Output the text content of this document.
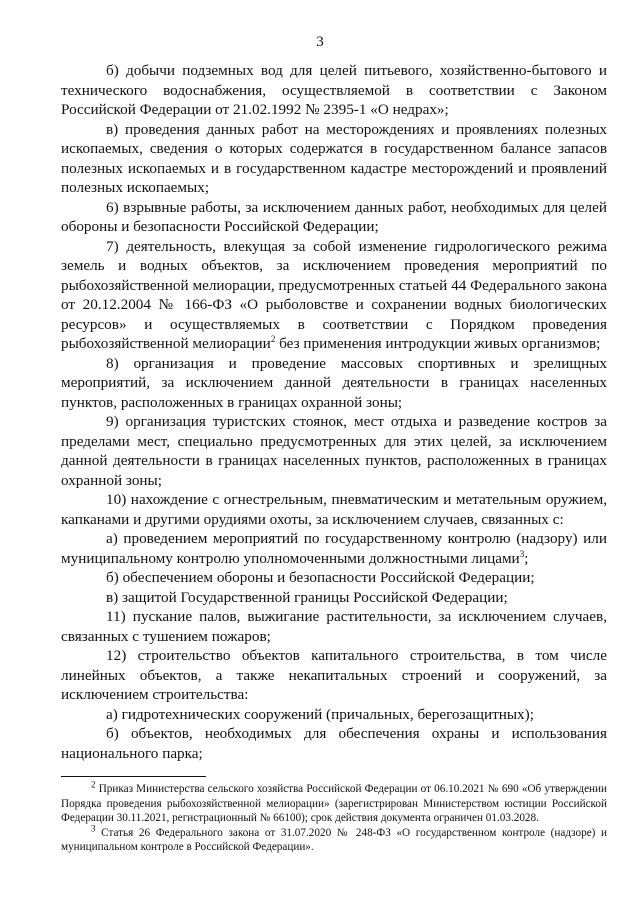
3

б) добычи подземных вод для целей питьевого, хозяйственно-бытового и технического водоснабжения, осуществляемой в соответствии с Законом Российской Федерации от 21.02.1992 № 2395-1 «О недрах»;

в) проведения данных работ на месторождениях и проявлениях полезных ископаемых, сведения о которых содержатся в государственном балансе запасов полезных ископаемых и в государственном кадастре месторождений и проявлений полезных ископаемых;

6) взрывные работы, за исключением данных работ, необходимых для целей обороны и безопасности Российской Федерации;

7) деятельность, влекущая за собой изменение гидрологического режима земель и водных объектов, за исключением проведения мероприятий по рыбохозяйственной мелиорации, предусмотренных статьей 44 Федерального закона от 20.12.2004 № 166-ФЗ «О рыболовстве и сохранении водных биологических ресурсов» и осуществляемых в соответствии с Порядком проведения рыбохозяйственной мелиорации$^2$ без применения интродукции живых организмов;

8) организация и проведение массовых спортивных и зрелищных мероприятий, за исключением данной деятельности в границах населенных пунктов, расположенных в границах охранной зоны;

9) организация туристских стоянок, мест отдыха и разведение костров за пределами мест, специально предусмотренных для этих целей, за исключением данной деятельности в границах населенных пунктов, расположенных в границах охранной зоны;

10) нахождение с огнестрельным, пневматическим и метательным оружием, капканами и другими орудиями охоты, за исключением случаев, связанных с:

а) проведением мероприятий по государственному контролю (надзору) или муниципальному контролю уполномоченными должностными лицами$^3$;

б) обеспечением обороны и безопасности Российской Федерации;

в) защитой Государственной границы Российской Федерации;

11) пускание палов, выжигание растительности, за исключением случаев, связанных с тушением пожаров;

12) строительство объектов капитального строительства, в том числе линейных объектов, а также некапитальных строений и сооружений, за исключением строительства:

а) гидротехнических сооружений (причальных, берегозащитных);

б) объектов, необходимых для обеспечения охраны и использования национального парка;

$^2$ Приказ Министерства сельского хозяйства Российской Федерации от 06.10.2021 № 690 «Об утверждении Порядка проведения рыбохозяйственной мелиорации» (зарегистрирован Министерством юстиции Российской Федерации 30.11.2021, регистрационный № 66100); срок действия документа ограничен 01.03.2028.

$^3$ Статья 26 Федерального закона от 31.07.2020 № 248-ФЗ «О государственном контроле (надзоре) и муниципальном контроле в Российской Федерации».
